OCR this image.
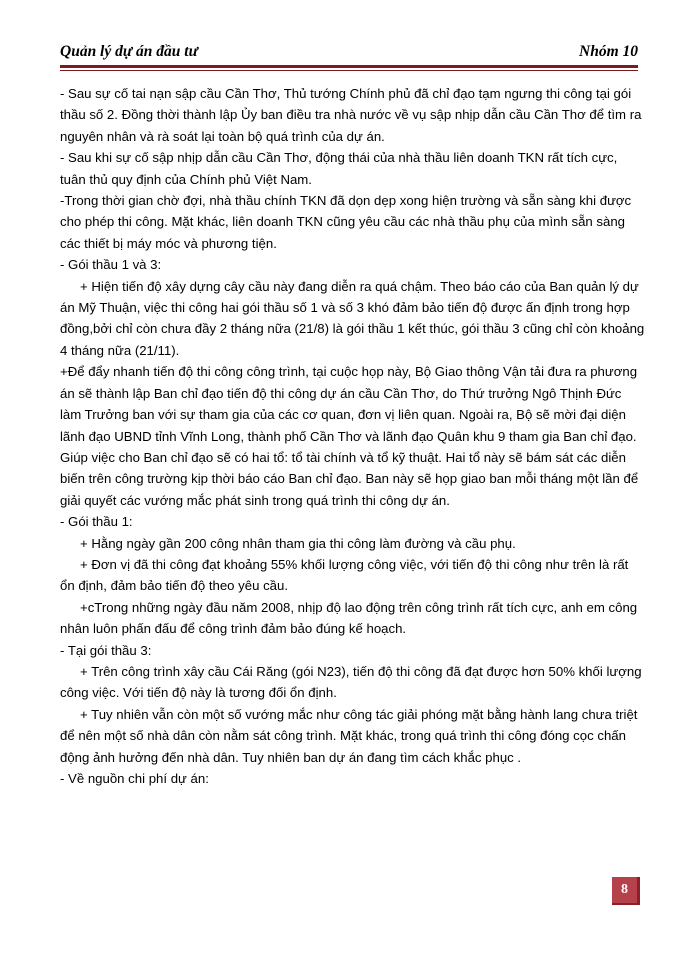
Quản lý dự án đầu tư	Nhóm 10

- Sau sự cố tai nạn sập cầu Cần Thơ, Thủ tướng Chính phủ đã chỉ đạo tạm ngưng thi công tại gói thầu số 2. Đồng thời thành lập Ủy ban điều tra nhà nước về vụ sập nhịp dẫn cầu Cần Thơ để tìm ra nguyên nhân và rà soát lại toàn bộ quá trình của dự án.

- Sau khi sự cố sập nhịp dẫn cầu Cần Thơ, động thái của nhà thầu liên doanh TKN rất tích cực, tuân thủ quy định của Chính phủ Việt Nam.

-Trong thời gian chờ đợi, nhà thầu chính TKN đã dọn dẹp xong hiện trường và sẵn sàng khi được cho phép thi công. Mặt khác, liên doanh TKN cũng yêu cầu các nhà thầu phụ của mình sẵn sàng các thiết bị máy móc và phương tiện.

- Gói thầu 1 và 3:

+ Hiện tiến độ xây dựng cây cầu này đang diễn ra quá chậm. Theo báo cáo của Ban quản lý dự án Mỹ Thuận, việc thi công hai gói thầu số 1 và số 3 khó đảm bảo tiến độ được ấn định trong hợp đồng,bởi chỉ còn chưa đầy 2 tháng nữa (21/8) là gói thầu 1 kết thúc, gói thầu 3 cũng chỉ còn khoảng 4 tháng nữa (21/11).

+Để đẩy nhanh tiến độ thi công công trình, tại cuộc họp này, Bộ Giao thông Vận tải đưa ra phương án sẽ thành lập Ban chỉ đạo tiến độ thi công dự án cầu Cần Thơ, do Thứ trưởng Ngô Thịnh Đức làm Trưởng ban với sự tham gia của các cơ quan, đơn vị liên quan. Ngoài ra, Bộ sẽ mời đại diện lãnh đạo UBND tỉnh Vĩnh Long, thành phố Cần Thơ và lãnh đạo Quân khu 9 tham gia Ban chỉ đạo. Giúp việc cho Ban chỉ đạo sẽ có hai tổ: tổ tài chính và tổ kỹ thuật. Hai tổ này sẽ bám sát các diễn biến trên công trường kịp thời báo cáo Ban chỉ đạo. Ban này sẽ họp giao ban mỗi tháng một lần để giải quyết các vướng mắc phát sinh trong quá trình thi công dự án.

- Gói thầu 1:

+ Hằng ngày gần 200 công nhân tham gia thi công làm đường và cầu phụ.

+ Đơn vị đã thi công đạt khoảng 55% khối lượng công việc, với tiến độ thi công như trên là rất ổn định, đảm bảo tiến độ theo yêu cầu.

+cTrong những ngày đầu năm 2008, nhịp độ lao động trên công trình rất tích cực, anh em công nhân luôn phấn đấu để công trình đảm bảo đúng kế hoạch.

- Tại gói thầu 3:

+ Trên công trình xây cầu Cái Răng (gói N23), tiến độ thi công đã đạt được hơn 50% khối lượng công việc. Với tiến độ này là tương đối ổn định.

+ Tuy nhiên vẫn còn một số vướng mắc như công tác giải phóng mặt bằng hành lang chưa triệt để nên một số nhà dân còn nằm sát công trình. Mặt khác, trong quá trình thi công đóng cọc chấn động ảnh hưởng đến nhà dân. Tuy nhiên ban dự án đang tìm cách khắc phục .

- Về nguồn chi phí dự án:

8
